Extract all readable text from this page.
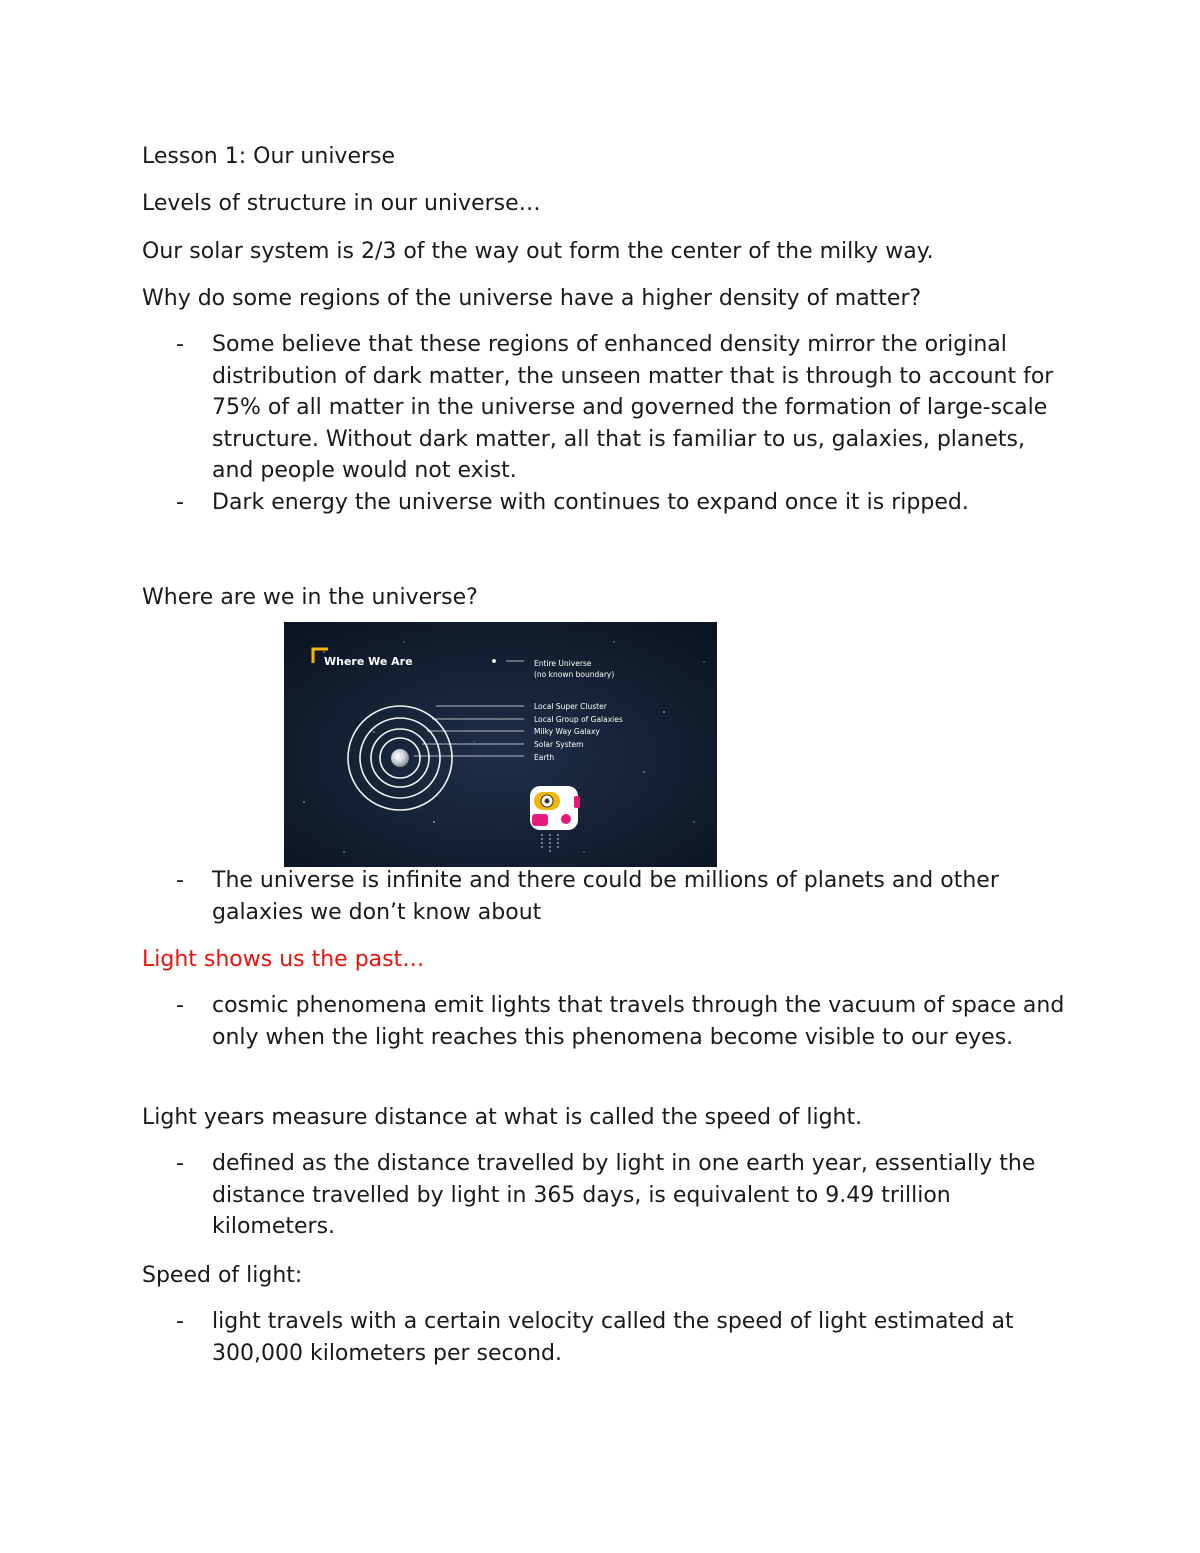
Lesson 1: Our universe
Levels of structure in our universe…
Our solar system is 2/3 of the way out form the center of the milky way.
Why do some regions of the universe have a higher density of matter?
- Some believe that these regions of enhanced density mirror the original distribution of dark matter, the unseen matter that is through to account for 75% of all matter in the universe and governed the formation of large-scale structure. Without dark matter, all that is familiar to us, galaxies, planets, and people would not exist.
- Dark energy the universe with continues to expand once it is ripped.
Where are we in the universe?
Where We Are	Entire Universe
(no known boundary)
Local Super Cluster
Local Group of Galaxies
Milky Way Galaxy
Solar System
Earth
- The universe is infinite and there could be millions of planets and other galaxies we don’t know about
Light shows us the past…
- cosmic phenomena emit lights that travels through the vacuum of space and only when the light reaches this phenomena become visible to our eyes.
Light years measure distance at what is called the speed of light.
- defined as the distance travelled by light in one earth year, essentially the distance travelled by light in 365 days, is equivalent to 9.49 trillion kilometers.
Speed of light:
- light travels with a certain velocity called the speed of light estimated at 300,000 kilometers per second.
